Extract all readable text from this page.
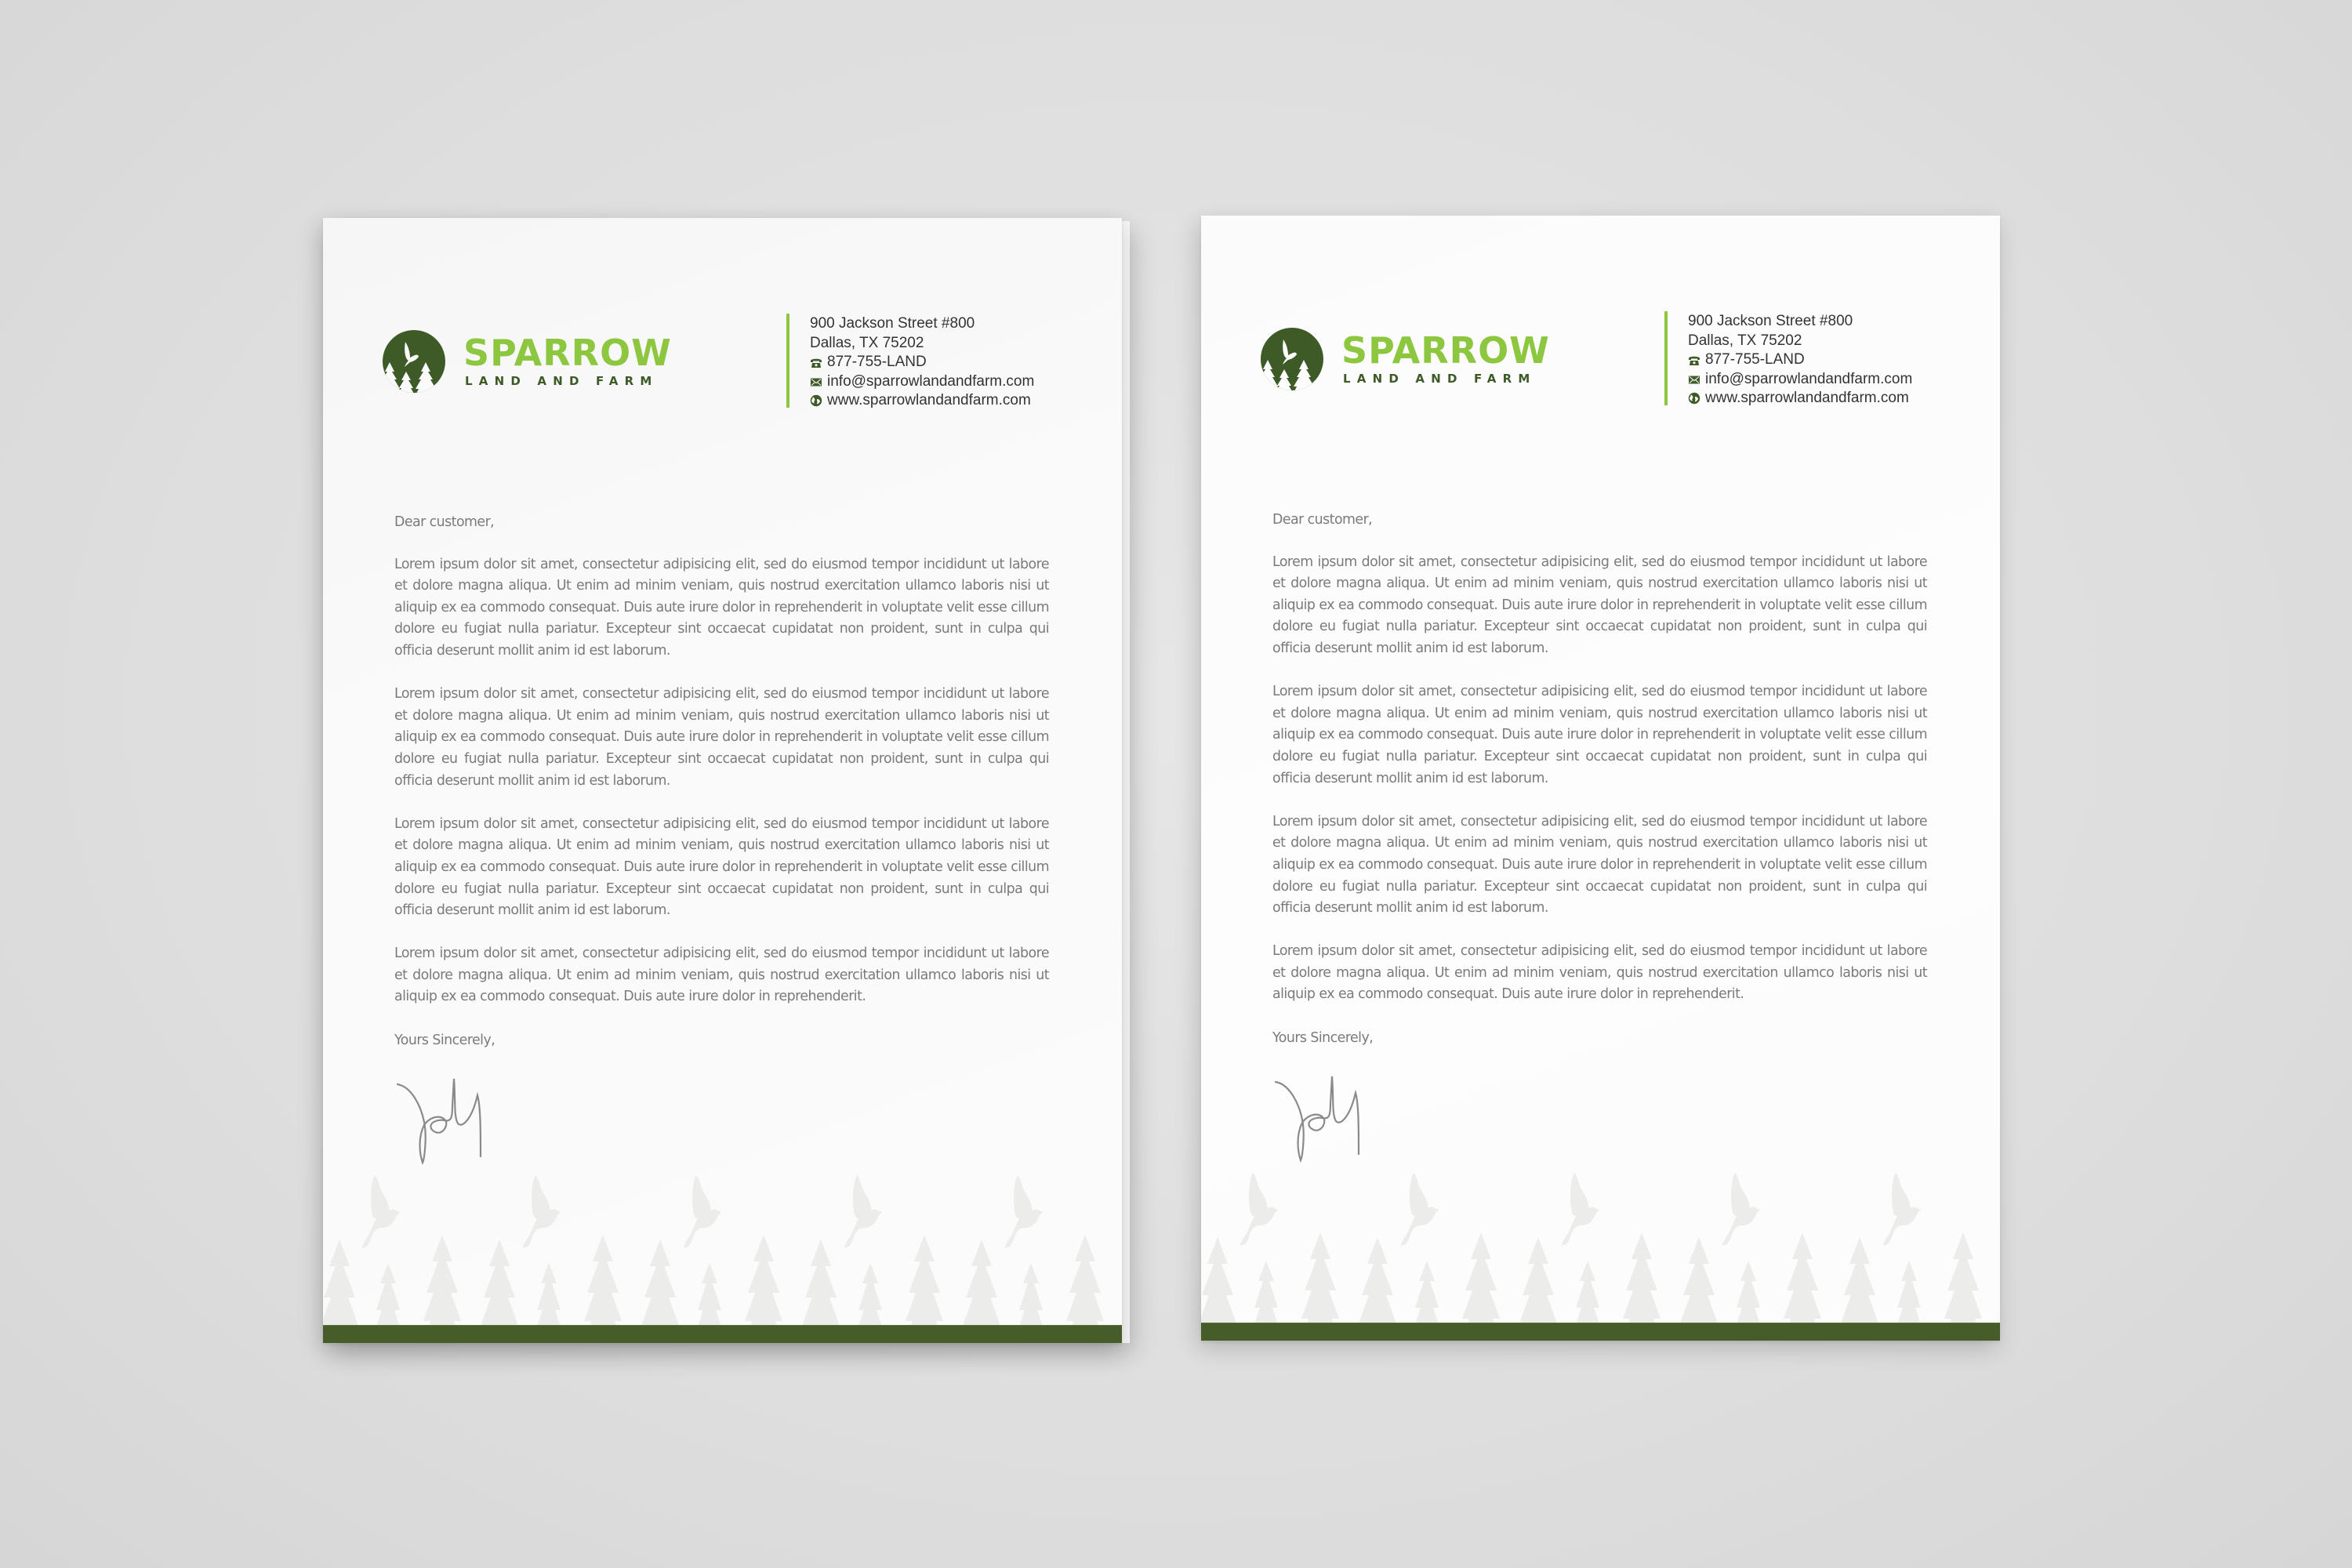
SPARROW
LAND AND FARM
900 Jackson Street #800
Dallas, TX 75202
877-755-LAND
info@sparrowlandandfarm.com
www.sparrowlandandfarm.com

Dear customer,

Lorem ipsum dolor sit amet, consectetur adipisicing elit, sed do eiusmod tempor incididunt ut labore et dolore magna aliqua. Ut enim ad minim veniam, quis nostrud exercitation ullamco laboris nisi ut aliquip ex ea commodo consequat. Duis aute irure dolor in reprehenderit in voluptate velit esse cillum dolore eu fugiat nulla pariatur. Excepteur sint occaecat cupidatat non proident, sunt in culpa qui officia deserunt mollit anim id est laborum.

Lorem ipsum dolor sit amet, consectetur adipisicing elit, sed do eiusmod tempor incididunt ut labore et dolore magna aliqua. Ut enim ad minim veniam, quis nostrud exercitation ullamco laboris nisi ut aliquip ex ea commodo consequat. Duis aute irure dolor in reprehenderit in voluptate velit esse cillum dolore eu fugiat nulla pariatur. Excepteur sint occaecat cupidatat non proident, sunt in culpa qui officia deserunt mollit anim id est laborum.

Lorem ipsum dolor sit amet, consectetur adipisicing elit, sed do eiusmod tempor incididunt ut labore et dolore magna aliqua. Ut enim ad minim veniam, quis nostrud exercitation ullamco laboris nisi ut aliquip ex ea commodo consequat. Duis aute irure dolor in reprehenderit in voluptate velit esse cillum dolore eu fugiat nulla pariatur. Excepteur sint occaecat cupidatat non proident, sunt in culpa qui officia deserunt mollit anim id est laborum.

Lorem ipsum dolor sit amet, consectetur adipisicing elit, sed do eiusmod tempor incididunt ut labore et dolore magna aliqua. Ut enim ad minim veniam, quis nostrud exercitation ullamco laboris nisi ut aliquip ex ea commodo consequat. Duis aute irure dolor in reprehenderit.

Yours Sincerely,

SPARROW
LAND AND FARM
900 Jackson Street #800
Dallas, TX 75202
877-755-LAND
info@sparrowlandandfarm.com
www.sparrowlandandfarm.com

Dear customer,

Lorem ipsum dolor sit amet, consectetur adipisicing elit, sed do eiusmod tempor incididunt ut labore et dolore magna aliqua. Ut enim ad minim veniam, quis nostrud exercitation ullamco laboris nisi ut aliquip ex ea commodo consequat. Duis aute irure dolor in reprehenderit in voluptate velit esse cillum dolore eu fugiat nulla pariatur. Excepteur sint occaecat cupidatat non proident, sunt in culpa qui officia deserunt mollit anim id est laborum.

Lorem ipsum dolor sit amet, consectetur adipisicing elit, sed do eiusmod tempor incididunt ut labore et dolore magna aliqua. Ut enim ad minim veniam, quis nostrud exercitation ullamco laboris nisi ut aliquip ex ea commodo consequat. Duis aute irure dolor in reprehenderit in voluptate velit esse cillum dolore eu fugiat nulla pariatur. Excepteur sint occaecat cupidatat non proident, sunt in culpa qui officia deserunt mollit anim id est laborum.

Lorem ipsum dolor sit amet, consectetur adipisicing elit, sed do eiusmod tempor incididunt ut labore et dolore magna aliqua. Ut enim ad minim veniam, quis nostrud exercitation ullamco laboris nisi ut aliquip ex ea commodo consequat. Duis aute irure dolor in reprehenderit in voluptate velit esse cillum dolore eu fugiat nulla pariatur. Excepteur sint occaecat cupidatat non proident, sunt in culpa qui officia deserunt mollit anim id est laborum.

Lorem ipsum dolor sit amet, consectetur adipisicing elit, sed do eiusmod tempor incididunt ut labore et dolore magna aliqua. Ut enim ad minim veniam, quis nostrud exercitation ullamco laboris nisi ut aliquip ex ea commodo consequat. Duis aute irure dolor in reprehenderit.

Yours Sincerely,
